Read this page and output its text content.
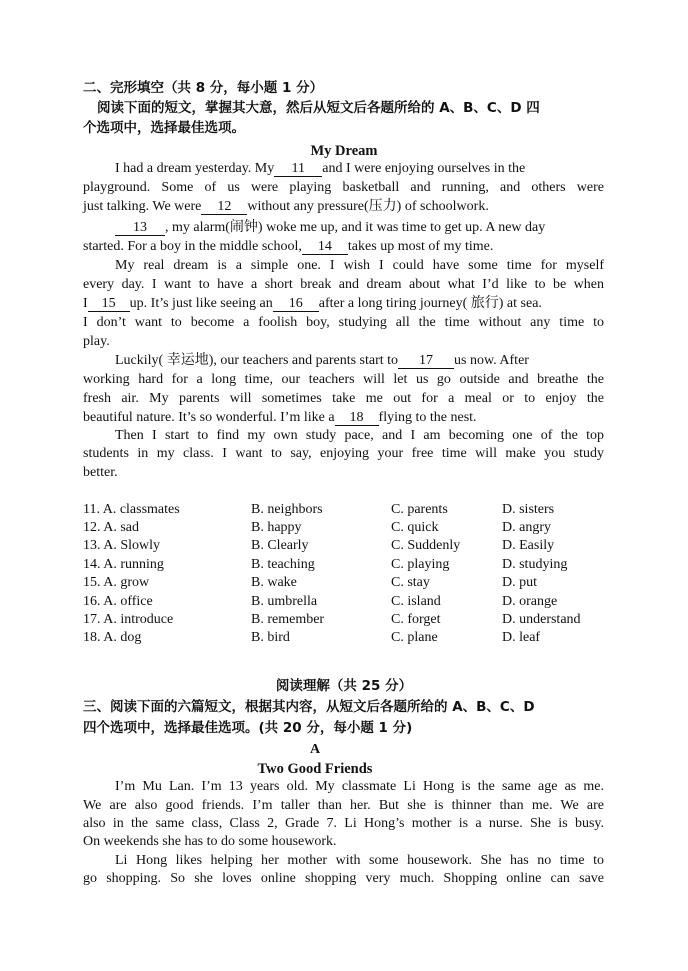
二、完形填空（共 8 分，每小题 1 分）
阅读下面的短文，掌握其大意，然后从短文后各题所给的 A、B、C、D 四
个选项中，选择最佳选项。
My Dream
I had a dream yesterday. My 11 and I were enjoying ourselves in the
playground. Some of us were playing basketball and running, and others were
just talking. We were 12 without any pressure(压力) of schoolwork.
13 , my alarm(闹钟) woke me up, and it was time to get up. A new day
started. For a boy in the middle school, 14 takes up most of my time.
My real dream is a simple one. I wish I could have some time for myself
every day. I want to have a short break and dream about what I’d like to be when
I 15 up. It’s just like seeing an 16 after a long tiring journey( 旅行) at sea.
I don’t want to become a foolish boy, studying all the time without any time to
play.
Luckily( 幸运地), our teachers and parents start to 17 us now. After
working hard for a long time, our teachers will let us go outside and breathe the
fresh air. My parents will sometimes take me out for a meal or to enjoy the
beautiful nature. It’s so wonderful. I’m like a 18 flying to the nest.
Then I start to find my own study pace, and I am becoming one of the top
students in my class. I want to say, enjoying your free time will make you study
better.
11. A. classmates	B. neighbors	C. parents	D. sisters
12. A. sad	B. happy	C. quick	D. angry
13. A. Slowly	B. Clearly	C. Suddenly	D. Easily
14. A. running	B. teaching	C. playing	D. studying
15. A. grow	B. wake	C. stay	D. put
16. A. office	B. umbrella	C. island	D. orange
17. A. introduce	B. remember	C. forget	D. understand
18. A. dog	B. bird	C. plane	D. leaf
阅读理解（共 25 分）
三、阅读下面的六篇短文，根据其内容，从短文后各题所给的 A、B、C、D
四个选项中，选择最佳选项。(共 20 分，每小题 1 分)
A
Two Good Friends
I’m Mu Lan. I’m 13 years old. My classmate Li Hong is the same age as me.
We are also good friends. I’m taller than her. But she is thinner than me. We are
also in the same class, Class 2, Grade 7. Li Hong’s mother is a nurse. She is busy.
On weekends she has to do some housework.
Li Hong likes helping her mother with some housework. She has no time to
go shopping. So she loves online shopping very much. Shopping online can save
